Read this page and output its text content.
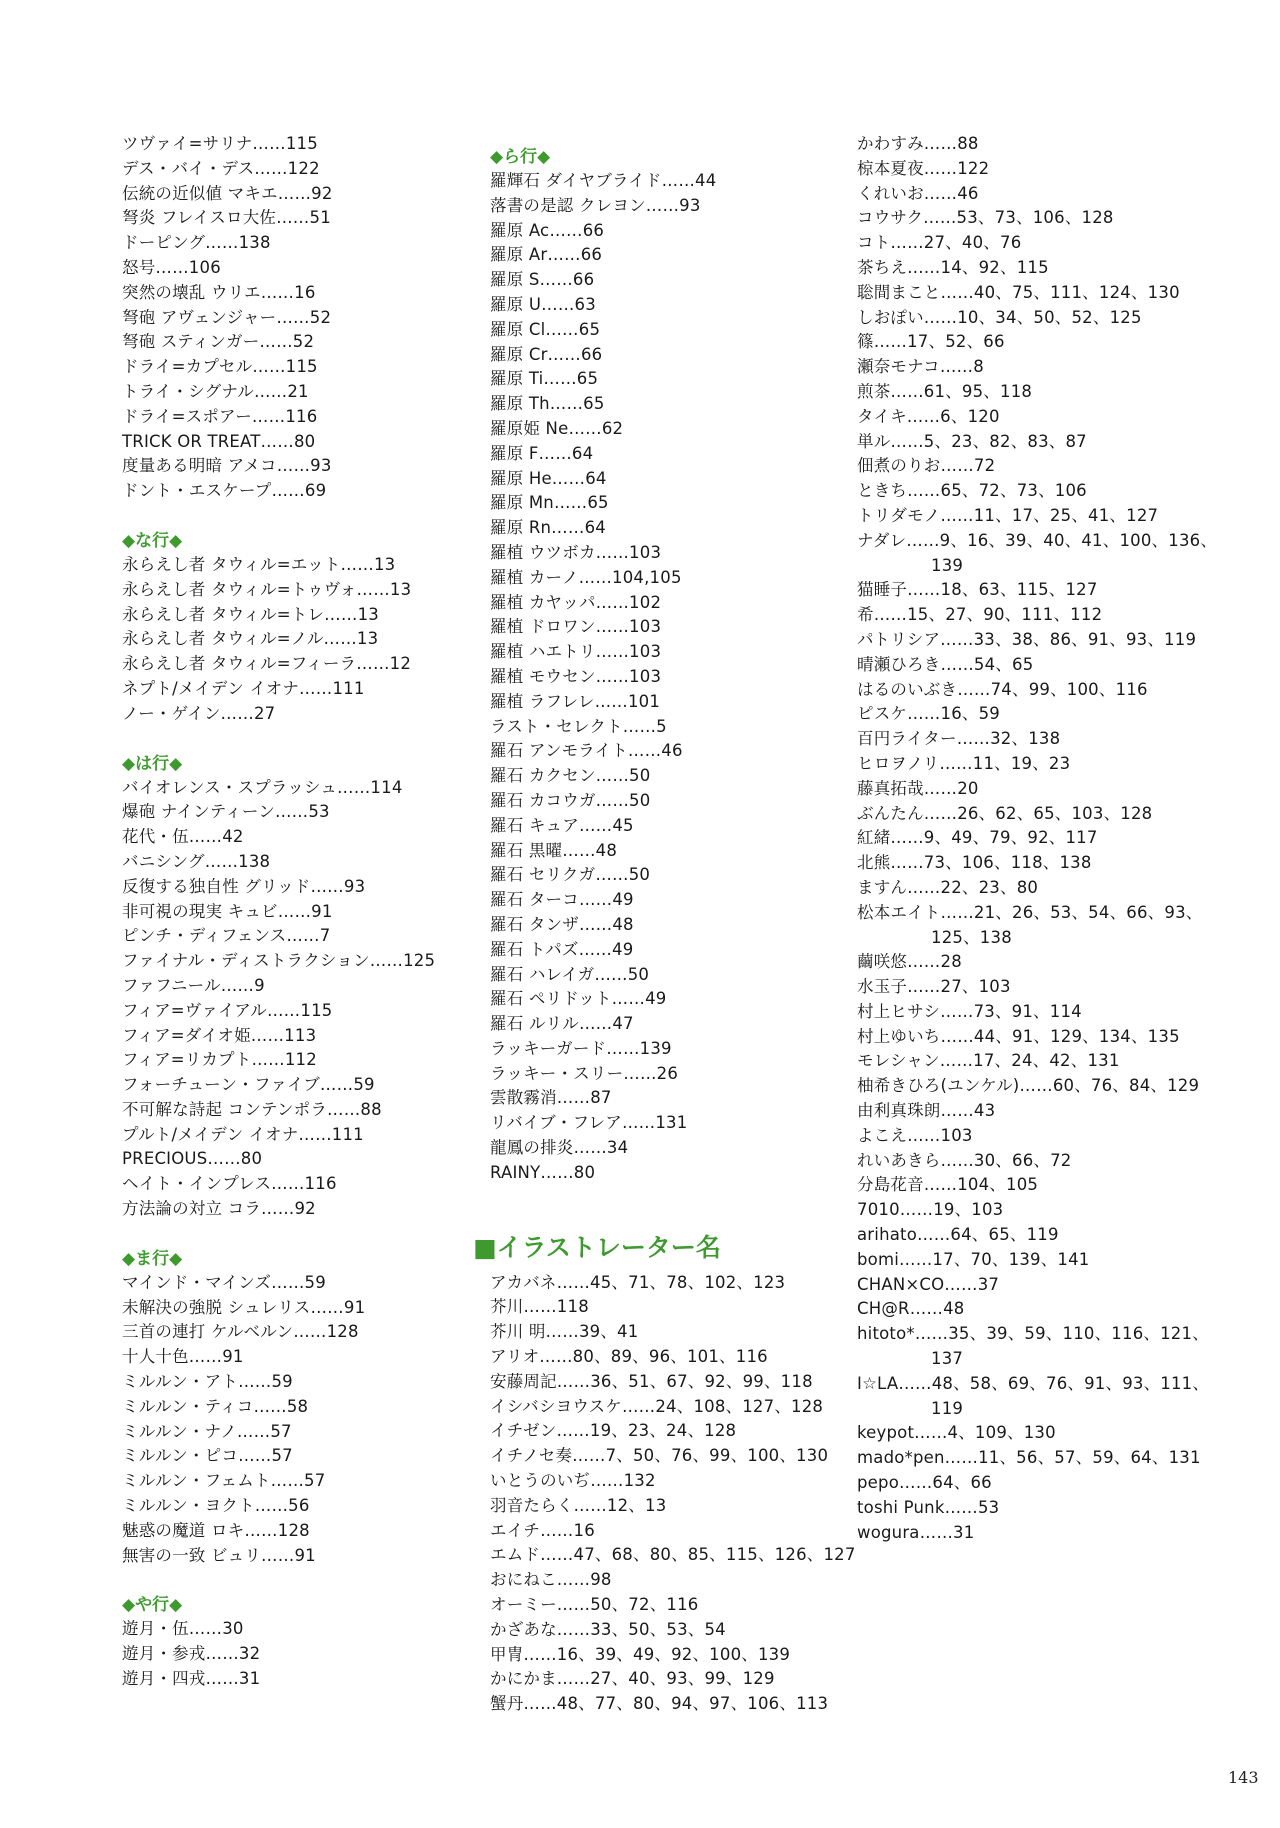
ツヴァイ=サリナ……115
デス・バイ・デス……122
伝統の近似値 マキエ……92
弩炎 フレイスロ大佐……51
ドーピング……138
怒号……106
突然の壊乱 ウリエ……16
弩砲 アヴェンジャー……52
弩砲 スティンガー……52
ドライ=カプセル……115
トライ・シグナル……21
ドライ=スポアー……116
TRICK OR TREAT……80
度量ある明暗 アメコ……93
ドント・エスケープ……69
◆な行◆
永らえし者 タウィル=エット……13
永らえし者 タウィル=トゥヴォ……13
永らえし者 タウィル=トレ……13
永らえし者 タウィル=ノル……13
永らえし者 タウィル=フィーラ……12
ネプト/メイデン イオナ……111
ノー・ゲイン……27
◆は行◆
バイオレンス・スプラッシュ……114
爆砲 ナインティーン……53
花代・伍……42
バニシング……138
反復する独自性 グリッド……93
非可視の現実 キュビ……91
ピンチ・ディフェンス……7
ファイナル・ディストラクション……125
ファフニール……9
フィア=ヴァイアル……115
フィア=ダイオ姫……113
フィア=リカプト……112
フォーチューン・ファイブ……59
不可解な詩起 コンテンポラ……88
プルト/メイデン イオナ……111
PRECIOUS……80
ヘイト・インプレス……116
方法論の対立 コラ……92
◆ま行◆
マインド・マインズ……59
未解決の強脱 シュレリス……91
三首の連打 ケルベルン……128
十人十色……91
ミルルン・アト……59
ミルルン・ティコ……58
ミルルン・ナノ……57
ミルルン・ピコ……57
ミルルン・フェムト……57
ミルルン・ヨクト……56
魅惑の魔道 ロキ……128
無害の一致 ビュリ……91
◆や行◆
遊月・伍……30
遊月・参戎……32
遊月・四戎……31
◆ら行◆
羅輝石 ダイヤブライド……44
落書の是認 クレヨン……93
羅原 Ac……66
羅原 Ar……66
羅原 S……66
羅原 U……63
羅原 Cl……65
羅原 Cr……66
羅原 Ti……65
羅原 Th……65
羅原姫 Ne……62
羅原 F……64
羅原 He……64
羅原 Mn……65
羅原 Rn……64
羅植 ウツボカ……103
羅植 カーノ……104,105
羅植 カヤッパ……102
羅植 ドロワン……103
羅植 ハエトリ……103
羅植 モウセン……103
羅植 ラフレレ……101
ラスト・セレクト……5
羅石 アンモライト……46
羅石 カクセン……50
羅石 カコウガ……50
羅石 キュア……45
羅石 黒曜……48
羅石 セリクガ……50
羅石 ターコ……49
羅石 タンザ……48
羅石 トパズ……49
羅石 ハレイガ……50
羅石 ペリドット……49
羅石 ルリル……47
ラッキーガード……139
ラッキー・スリー……26
雲散霧消……87
リバイブ・フレア……131
龍鳳の排炎……34
RAINY……80
■イラストレーター名
アカバネ……45、71、78、102、123
芥川……118
芥川 明……39、41
アリオ……80、89、96、101、116
安藤周記……36、51、67、92、99、118
イシバシヨウスケ……24、108、127、128
イチゼン……19、23、24、128
イチノセ奏……7、50、76、99、100、130
いとうのいぢ……132
羽音たらく……12、13
エイチ……16
エムド……47、68、80、85、115、126、127
おにねこ……98
オーミー……50、72、116
かざあな……33、50、53、54
甲冑……16、39、49、92、100、139
かにかま……27、40、93、99、129
蟹丹……48、77、80、94、97、106、113
かわすみ……88
椋本夏夜……122
くれいお……46
コウサク……53、73、106、128
コト……27、40、76
茶ちえ……14、92、115
聡間まこと……40、75、111、124、130
しおぽい……10、34、50、52、125
篠……17、52、66
瀬奈モナコ……8
煎茶……61、95、118
タイキ……6、120
単ル……5、23、82、83、87
佃煮のりお……72
ときち……65、72、73、106
トリダモノ……11、17、25、41、127
ナダレ……9、16、39、40、41、100、136、
139
猫睡子……18、63、115、127
希……15、27、90、111、112
パトリシア……33、38、86、91、93、119
晴瀬ひろき……54、65
はるのいぶき……74、99、100、116
ピスケ……16、59
百円ライター……32、138
ヒロヲノリ……11、19、23
藤真拓哉……20
ぶんたん……26、62、65、103、128
紅緒……9、49、79、92、117
北熊……73、106、118、138
ますん……22、23、80
松本エイト……21、26、53、54、66、93、
125、138
繭咲悠……28
水玉子……27、103
村上ヒサシ……73、91、114
村上ゆいち……44、91、129、134、135
モレシャン……17、24、42、131
柚希きひろ(ユンケル)……60、76、84、129
由利真珠朗……43
よこえ……103
れいあきら……30、66、72
分島花音……104、105
7010……19、103
arihato……64、65、119
bomi……17、70、139、141
CHAN×CO……37
CH@R……48
hitoto*……35、39、59、110、116、121、
137
I☆LA……48、58、69、76、91、93、111、
119
keypot……4、109、130
mado*pen……11、56、57、59、64、131
pepo……64、66
toshi Punk……53
wogura……31
143
